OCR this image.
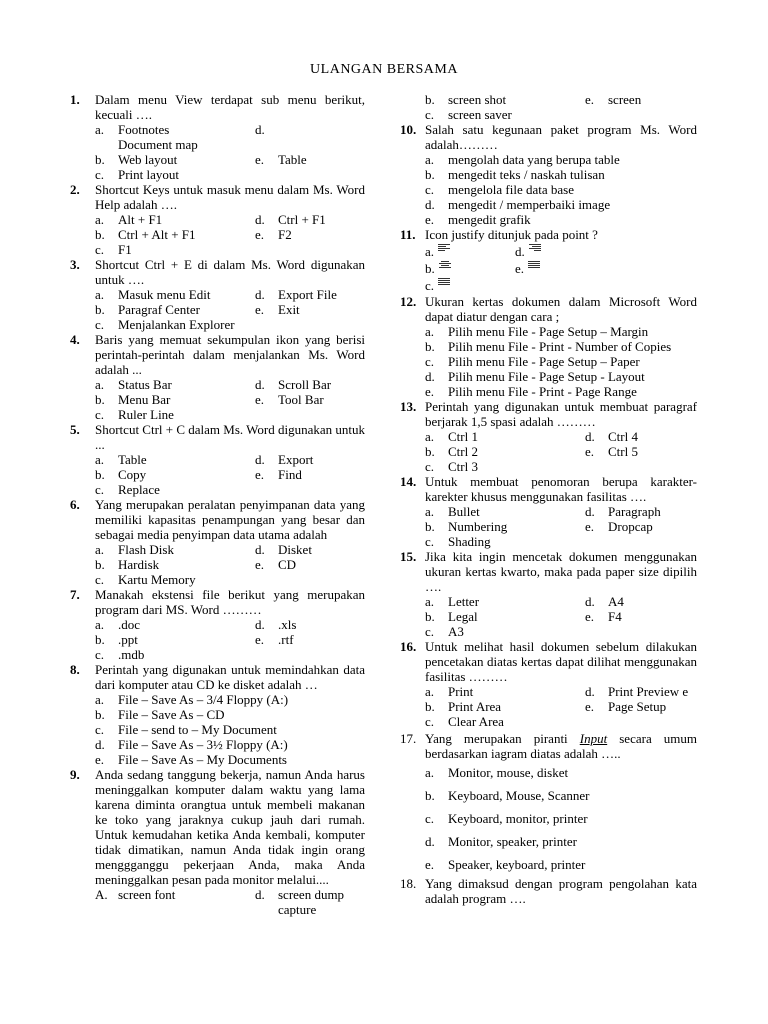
ULANGAN BERSAMA
1.	Dalam menu View terdapat sub menu berikut, kecuali ….
a.	Footnotes	d.
Document map
b.	Web layout	e.	Table
c.	Print layout
2.	Shortcut Keys untuk masuk menu dalam Ms. Word Help adalah ….
a.	Alt + F1	d.	Ctrl + F1
b.	Ctrl + Alt + F1	e.	F2
c.	F1
3.	Shortcut Ctrl + E di dalam Ms. Word digunakan untuk ….
a.	Masuk menu Edit	d.	Export File
b.	Paragraf Center	e.	Exit
c.	Menjalankan Explorer
4.	Baris yang memuat sekumpulan ikon yang berisi perintah-perintah dalam menjalankan Ms. Word adalah ...
a.	Status Bar	d.	Scroll Bar
b.	Menu Bar	e.	Tool Bar
c.	Ruler Line
5.	Shortcut Ctrl + C dalam Ms. Word digunakan untuk ...
a.	Table	d.	Export
b.	Copy	e.	Find
c.	Replace
6.	Yang merupakan peralatan penyimpanan data yang memiliki kapasitas penampungan yang besar dan sebagai media penyimpan data utama adalah
a.	Flash Disk	d.	Disket
b.	Hardisk	e.	CD
c.	Kartu Memory
7.	Manakah ekstensi file berikut yang merupakan program dari MS. Word ………
a.	.doc	d.	.xls
b.	.ppt	e.	.rtf
c.	.mdb
8.	Perintah yang digunakan untuk memindahkan data dari komputer atau CD ke disket adalah …
a.	File – Save As – 3/4 Floppy (A:)
b.	File – Save As – CD
c.	File – send to – My Document
d.	File – Save As – 3½ Floppy (A:)
e.	File – Save As – My Documents
9.	Anda sedang tanggung bekerja, namun Anda harus meninggalkan komputer dalam waktu yang lama karena diminta orangtua untuk membeli makanan ke toko yang jaraknya cukup jauh dari rumah. Untuk kemudahan ketika Anda kembali, komputer tidak dimatikan, namun Anda tidak ingin orang menggganggu pekerjaan Anda, maka Anda meninggalkan pesan pada monitor melalui....
A. screen font	d.	screen dump capture
b.	screen shot	e.	screen
c.	screen saver
10. Salah satu kegunaan paket program Ms. Word adalah………
a.	mengolah data yang berupa table
b.	mengedit teks / naskah tulisan
c.	mengelola file data base
d.	mengedit / memperbaiki image
e.	mengedit grafik
11. Icon justify ditunjuk pada point ?
a.	d.
b.	e.
c.
12. Ukuran kertas dokumen dalam Microsoft Word dapat diatur dengan cara ;
a.	Pilih menu File - Page Setup – Margin
b.	Pilih menu File - Print - Number of Copies
c.	Pilih menu File - Page Setup – Paper
d.	Pilih menu File - Page Setup - Layout
e.	Pilih menu File - Print - Page Range
13. Perintah yang digunakan untuk membuat paragraf berjarak 1,5 spasi adalah ………
a.	Ctrl 1	d.	Ctrl 4
b.	Ctrl 2	e.	Ctrl 5
c.	Ctrl 3
14. Untuk membuat penomoran berupa karakter-karekter khusus menggunakan fasilitas ….
a.	Bullet	d.	Paragraph
b.	Numbering	e.	Dropcap
c.	Shading
15. Jika kita ingin mencetak dokumen menggunakan ukuran kertas kwarto, maka pada paper size dipilih ….
a.	Letter	d.	A4
b.	Legal	e.	F4
c.	A3
16. Untuk melihat hasil dokumen sebelum dilakukan pencetakan diatas kertas dapat dilihat menggunakan fasilitas ………
a.	Print	d.	Print Preview e
b.	Print Area	e.	Page Setup
c.	Clear Area
17. Yang merupakan piranti Input secara umum berdasarkan iagram diatas adalah …..
a.	Monitor, mouse, disket
b.	Keyboard, Mouse, Scanner
c.	Keyboard, monitor, printer
d.	Monitor, speaker, printer
e.	Speaker, keyboard, printer
18. Yang dimaksud dengan program pengolahan kata adalah program ….
